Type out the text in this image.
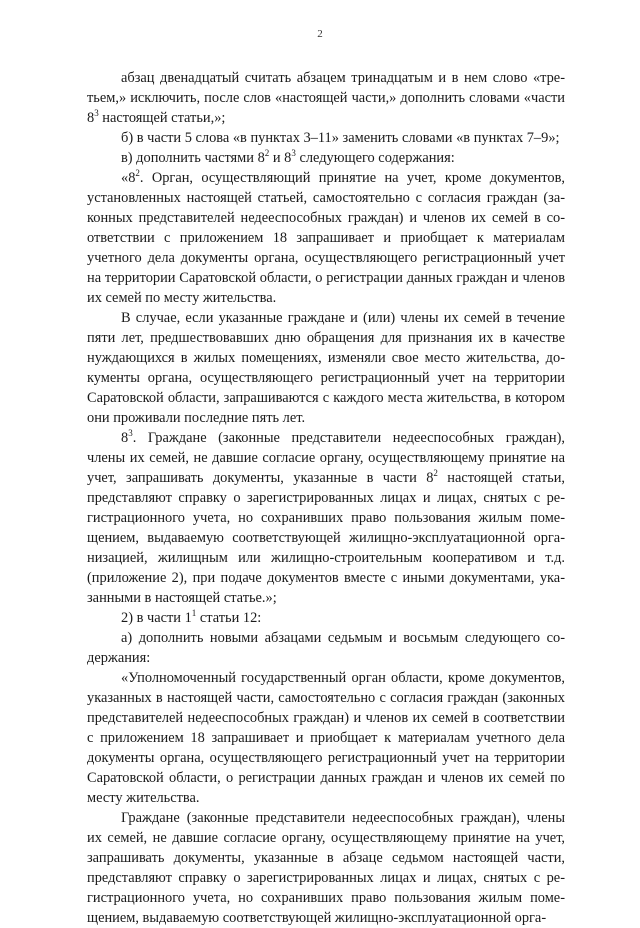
2

абзац двенадцатый считать абзацем тринадцатым и в нем слово «третьем,» исключить, после слов «настоящей части,» дополнить словами «части $8^3$ настоящей статьи,»;

б) в части 5 слова «в пунктах 3–11» заменить словами «в пунктах 7–9»;

в) дополнить частями $8^2$ и $8^3$ следующего содержания:

«$8^2$. Орган, осуществляющий принятие на учет, кроме документов, установленных настоящей статьей, самостоятельно с согласия граждан (законных представителей недееспособных граждан) и членов их семей в соответствии с приложением 18 запрашивает и приобщает к материалам учетного дела документы органа, осуществляющего регистрационный учет на территории Саратовской области, о регистрации данных граждан и членов их семей по месту жительства.

В случае, если указанные граждане и (или) члены их семей в течение пяти лет, предшествовавших дню обращения для признания их в качестве нуждающихся в жилых помещениях, изменяли свое место жительства, документы органа, осуществляющего регистрационный учет на территории Саратовской области, запрашиваются с каждого места жительства, в котором они проживали последние пять лет.

$8^3$. Граждане (законные представители недееспособных граждан), члены их семей, не давшие согласие органу, осуществляющему принятие на учет, запрашивать документы, указанные в части $8^2$ настоящей статьи, представляют справку о зарегистрированных лицах и лицах, снятых с регистрационного учета, но сохранивших право пользования жилым помещением, выдаваемую соответствующей жилищно-эксплуатационной организацией, жилищным или жилищно-строительным кооперативом и т.д. (приложение 2), при подаче документов вместе с иными документами, указанными в настоящей статье.»;

2) в части $1^1$ статьи 12:

а) дополнить новыми абзацами седьмым и восьмым следующего содержания:

«Уполномоченный государственный орган области, кроме документов, указанных в настоящей части, самостоятельно с согласия граждан (законных представителей недееспособных граждан) и членов их семей в соответствии с приложением 18 запрашивает и приобщает к материалам учетного дела документы органа, осуществляющего регистрационный учет на территории Саратовской области, о регистрации данных граждан и членов их семей по месту жительства.

Граждане (законные представители недееспособных граждан), члены их семей, не давшие согласие органу, осуществляющему принятие на учет, запрашивать документы, указанные в абзаце седьмом настоящей части, представляют справку о зарегистрированных лицах и лицах, снятых с регистрационного учета, но сохранивших право пользования жилым помещением, выдаваемую соответствующей жилищно-эксплуатационной орга-
